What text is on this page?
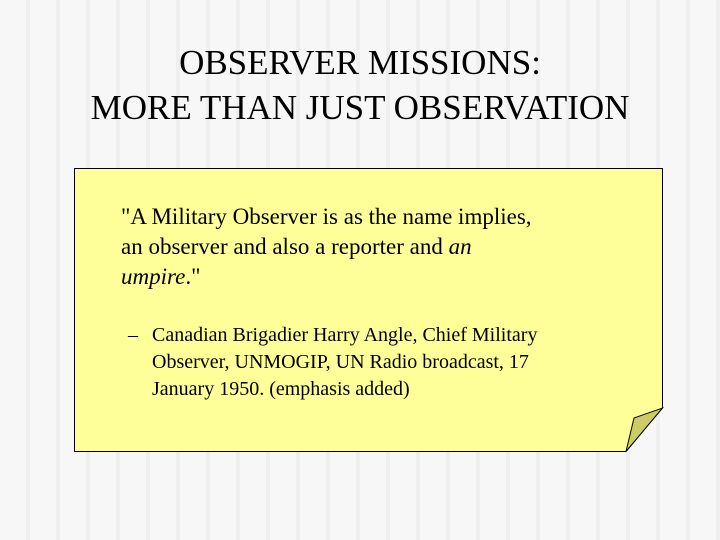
OBSERVER MISSIONS:
MORE THAN JUST OBSERVATION

"A Military Observer is as the name implies,

an observer and also a reporter and an

umpire."

– Canadian Brigadier Harry Angle, Chief Military
Observer, UNMOGIP, UN Radio broadcast, 17
January 1950. (emphasis added)
